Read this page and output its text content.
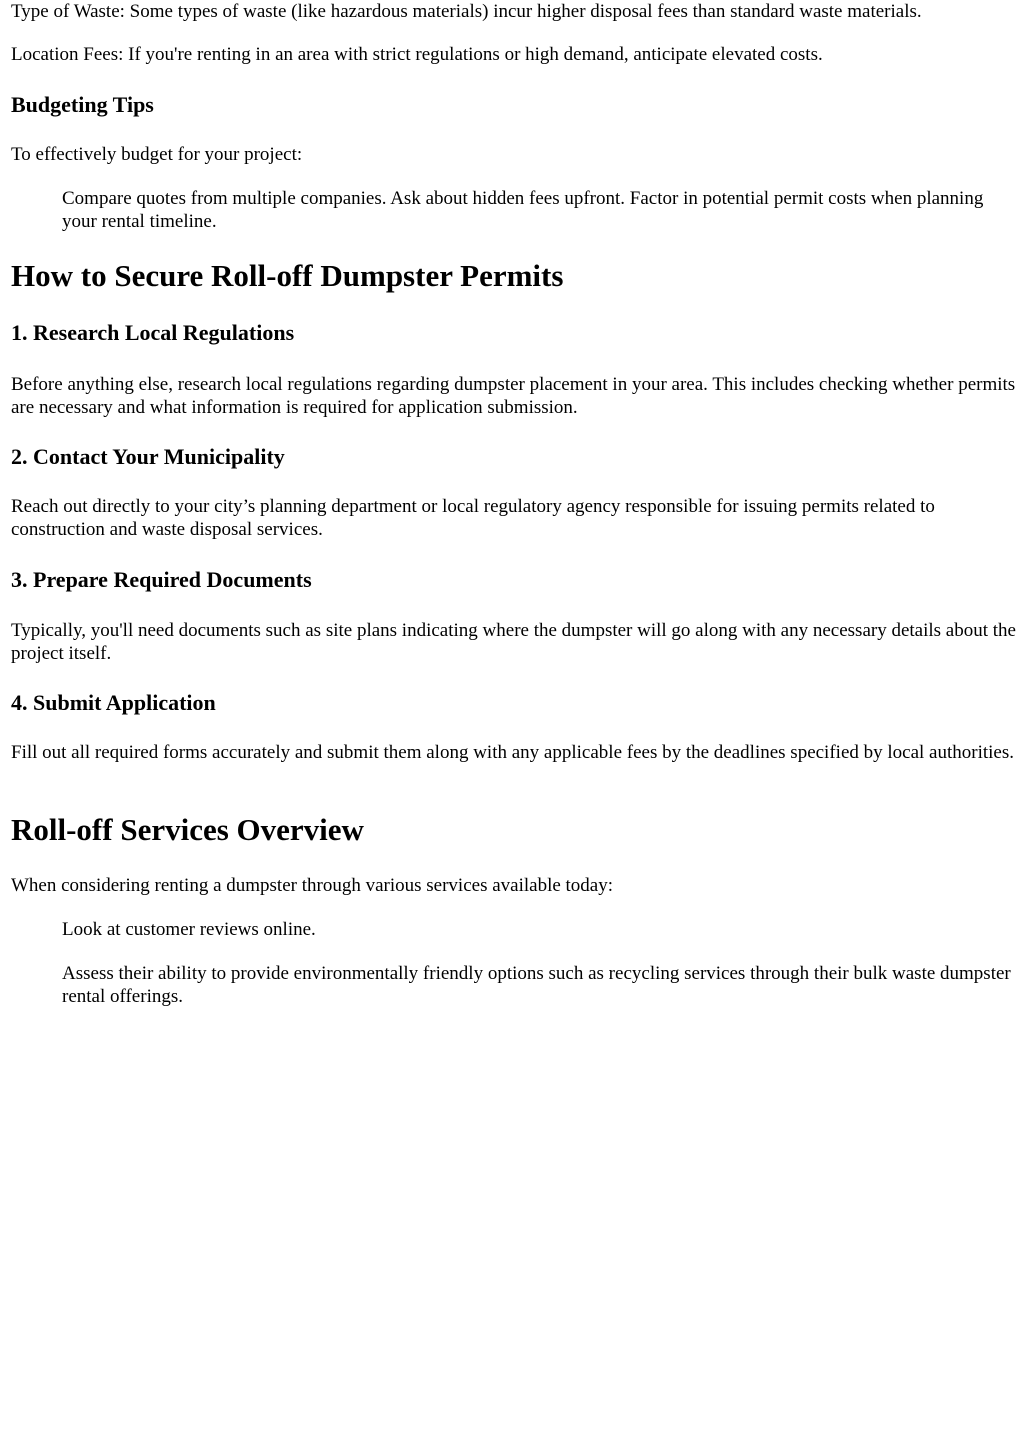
Type of Waste: Some types of waste (like hazardous materials) incur higher disposal fees than standard waste materials.

Location Fees: If you're renting in an area with strict regulations or high demand, anticipate elevated costs.

Budgeting Tips

To effectively budget for your project:

Compare quotes from multiple companies. Ask about hidden fees upfront. Factor in potential permit costs when planning your rental timeline.

How to Secure Roll-off Dumpster Permits
1. Research Local Regulations

Before anything else, research local regulations regarding dumpster placement in your area. This includes checking whether permits are necessary and what information is required for application submission.

2. Contact Your Municipality

Reach out directly to your city’s planning department or local regulatory agency responsible for issuing permits related to construction and waste disposal services.

3. Prepare Required Documents

Typically, you'll need documents such as site plans indicating where the dumpster will go along with any necessary details about the project itself.

4. Submit Application

Fill out all required forms accurately and submit them along with any applicable fees by the deadlines specified by local authorities.

Roll-off Services Overview

When considering renting a dumpster through various services available today:

Look at customer reviews online.

Assess their ability to provide environmentally friendly options such as recycling services through their bulk waste dumpster rental offerings.
